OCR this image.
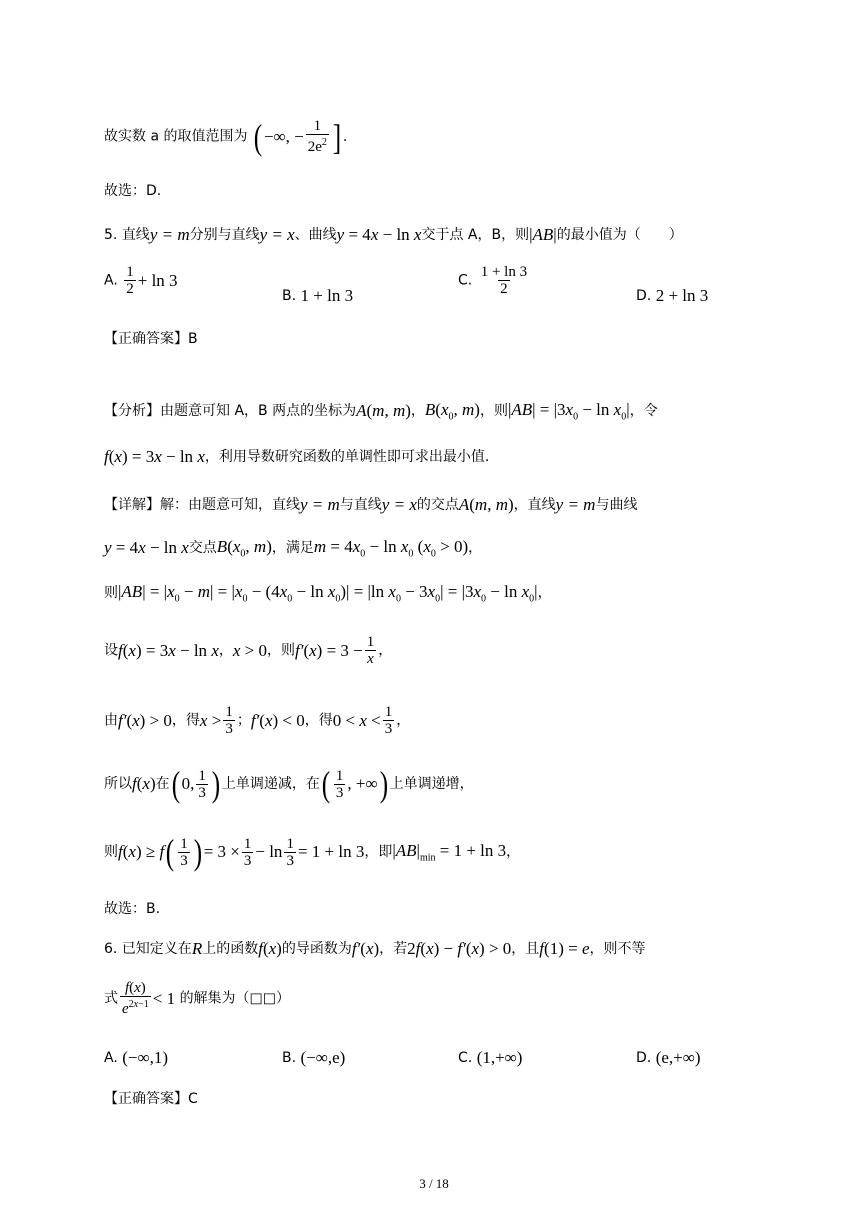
故实数 a 的取值范围为 ( −∞, − $\frac{1}{2e^2}$ ] .
故选：D.
5. 直线y = m分别与直线y = x、曲线y = 4x − ln x交于点 A，B，则|AB|的最小值为（　　）
A. $\frac{1}{2} + \ln 3$
B. 1 + ln 3
C. $\frac{1 + \ln 3}{2}$	D. 2 + ln 3
【正确答案】B
【分析】由题意可知 A，B 两点的坐标为A(m, m)，$B(x_0$, m)，则$|AB| = |3x_0 - \ln x_0|$，令
f(x) = 3x − ln x，利用导数研究函数的单调性即可求出最小值.
【详解】解：由题意可知，直线y = m与直线y = x的交点A(m, m)，直线y = m与曲线
y = 4x − ln x交点$B(x_0$, m)，满足$m = 4x_0 - \ln x_0$ $(x_0 > 0)$，
则$|AB| = |x_0 - m| = |x_0 - (4x_0 - \ln x_0)| = |\ln$ $x_0 - 3x_0| = |3x_0 - \ln x_0|$，
设f(x) = 3x − ln x，x > 0，则$f'(x) = 3 - \frac{1}{x}$ ，
由f′(x) > 0，得$x > \frac{1}{3}$ ；f′(x) < 0，得$0 < x < \frac{1}{3}$ ，
所以f(x)在( 0, $\frac{1}{3}$ ) 上单调递减，在( $\frac{1}{3}$ , +∞) 上单调递增，
则$f(x) \ge f( \frac{1}{3}$ ) = $3 \times \frac{1}{3} - \ln \frac{1}{3} = 1 + \ln 3$，即$|AB|_{min} = 1 + \ln 3$，
故选：B.
6. 已知定义在R上的函数f(x)的导函数为f′(x)，若2f(x) − f′(x) > 0，且f(1) = e，则不等
式 $\frac{f(x)}{e^{2x-1}} < 1$ 的解集为（□□）
A. (−∞,1)	B. (−∞,e)	C. (1,+∞)	D. (e,+∞)
【正确答案】C
3 / 18
